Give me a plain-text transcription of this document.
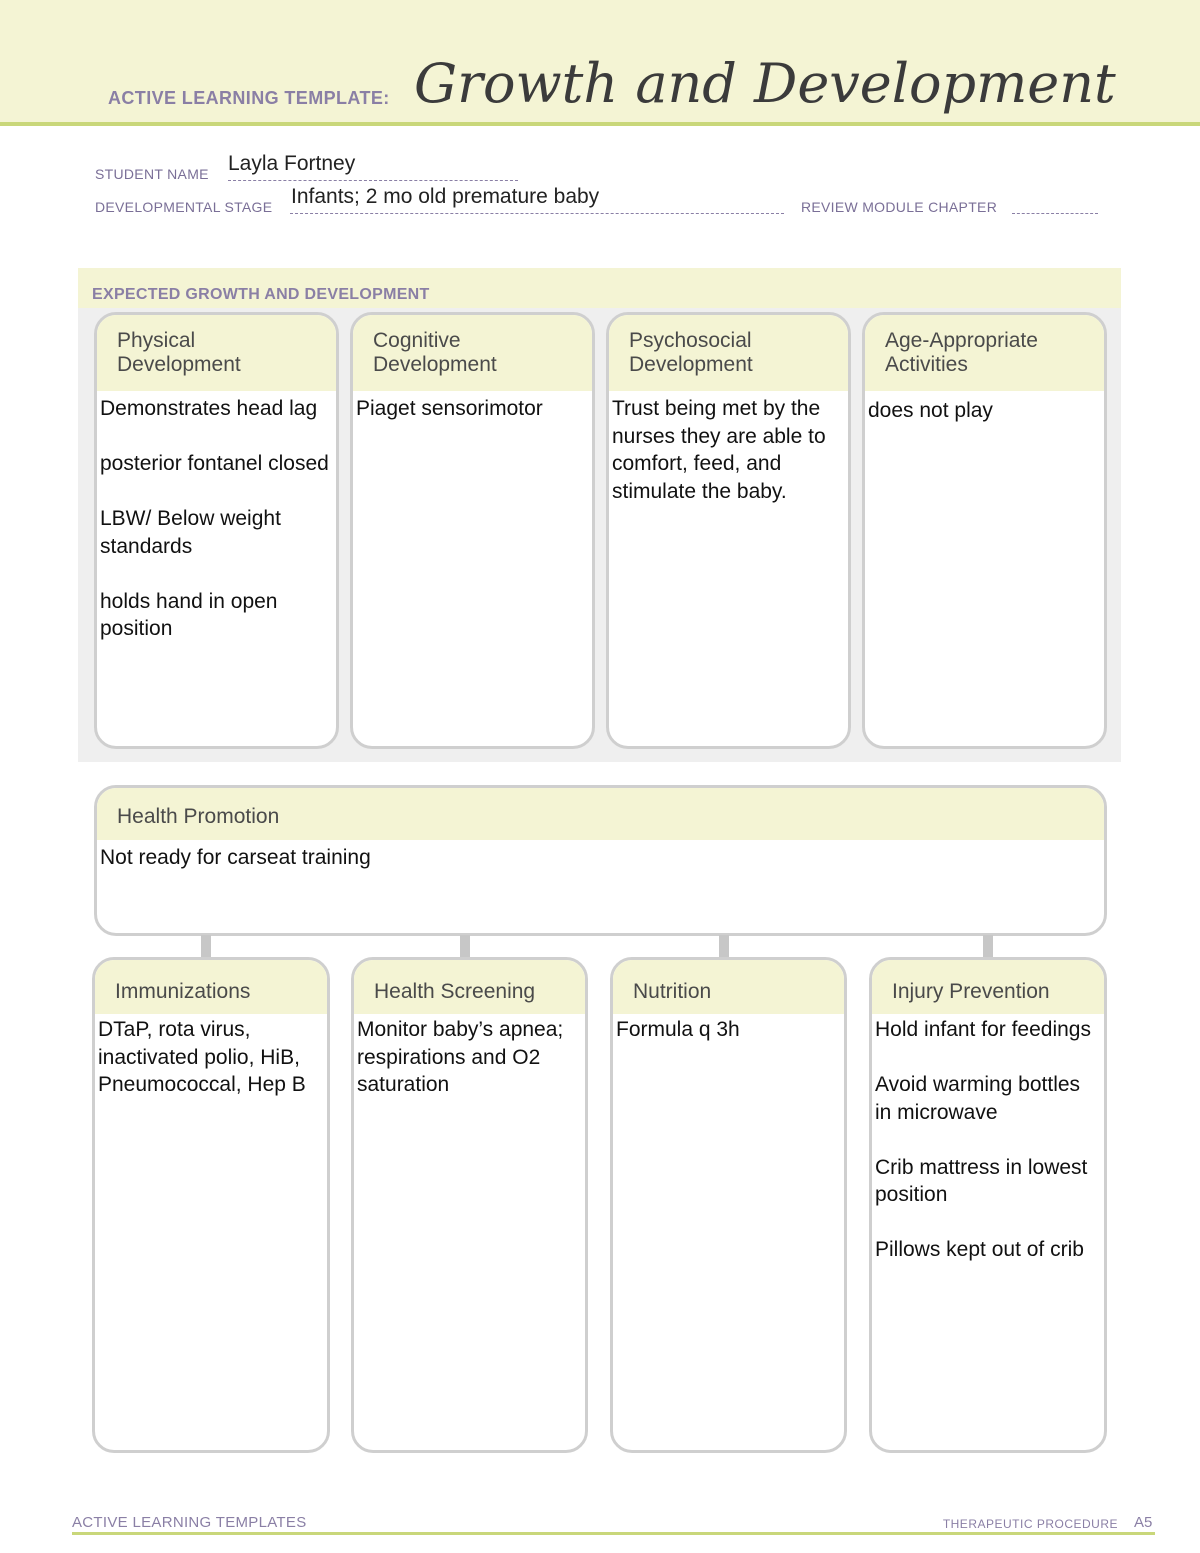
ACTIVE LEARNING TEMPLATE: Growth and Development
STUDENT NAME Layla Fortney
DEVELOPMENTAL STAGE Infants; 2 mo old premature baby	REVIEW MODULE CHAPTER
EXPECTED GROWTH AND DEVELOPMENT
Physical
Development

Demonstrates head lag

posterior fontanel closed

LBW/ Below weight standards

holds hand in open position

Cognitive
Development

Piaget sensorimotor

Psychosocial
Development

Trust being met by the nurses they are able to comfort, feed, and stimulate the baby.

Age-Appropriate
Activities

does not play

Health Promotion
Not ready for carseat training
Immunizations

DTaP, rota virus, inactivated polio, HiB, Pneumococcal, Hep B

Health Screening

Monitor baby’s apnea; respirations and O2 saturation

Nutrition

Formula q 3h

Injury Prevention

Hold infant for feedings

Avoid warming bottles in microwave

Crib mattress in lowest position

Pillows kept out of crib

ACTIVE LEARNING TEMPLATES	THERAPEUTIC PROCEDURE A5
